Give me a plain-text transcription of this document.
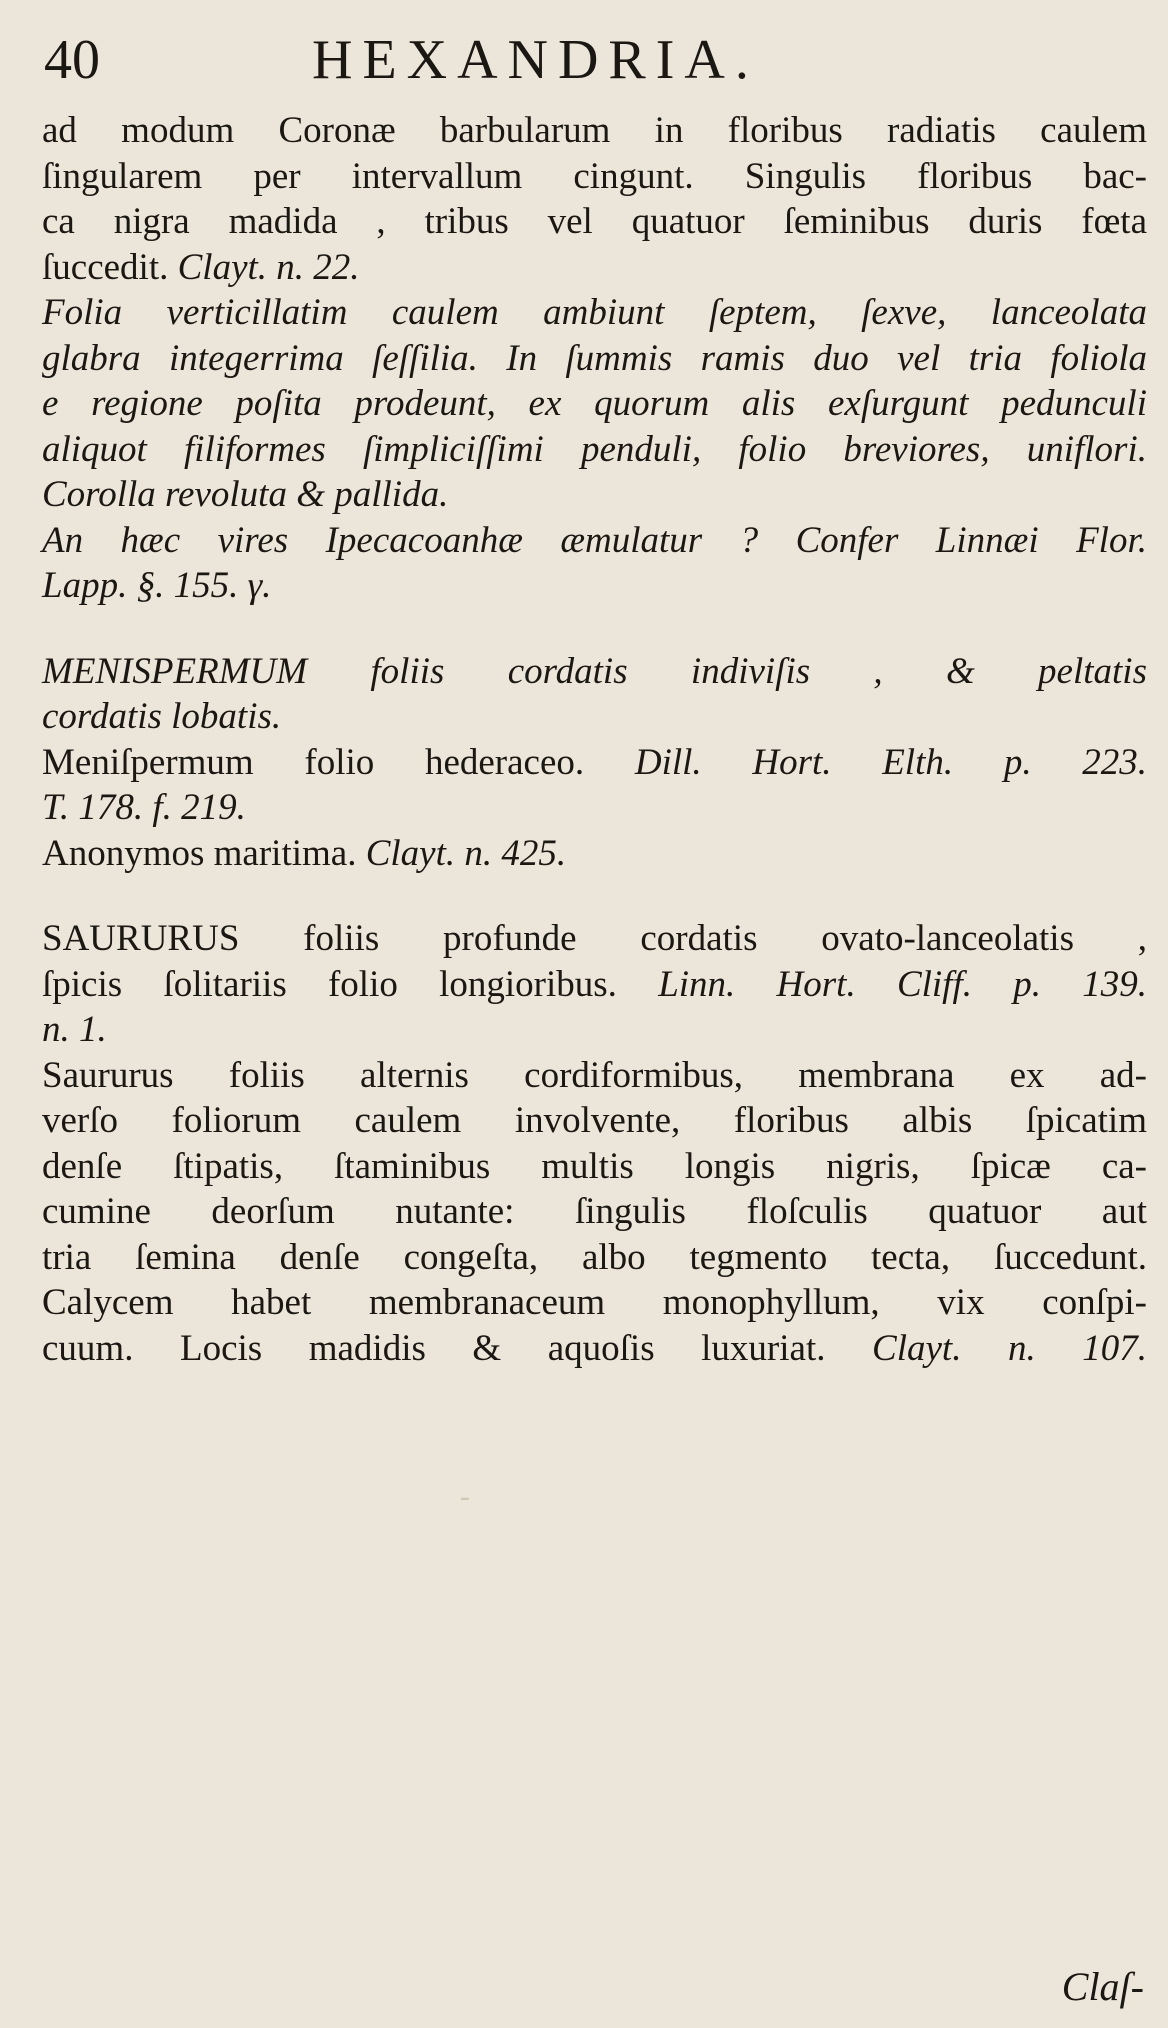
40	HEXANDRIA.
ad modum Coronæ barbularum in floribus radiatis caulem
ſingularem per intervallum cingunt. Singulis floribus bac-
ca nigra madida , tribus vel quatuor ſeminibus duris fœta
ſuccedit. Clayt. n. 22.
Folia verticillatim caulem ambiunt ſeptem, ſexve, lanceolata
glabra integerrima ſeſſilia. In ſummis ramis duo vel tria foliola
e regione poſita prodeunt, ex quorum alis exſurgunt pedunculi
aliquot filiformes ſimpliciſſimi penduli, folio breviores, uniflori.
Corolla revoluta & pallida.
An hæc vires Ipecacoanhæ æmulatur ? Confer Linnæi Flor.
Lapp. §. 155. γ.
MENISPERMUM foliis cordatis indiviſis , & peltatis
cordatis lobatis.
Meniſpermum folio hederaceo. Dill. Hort. Elth. p. 223.
T. 178. f. 219.
Anonymos maritima. Clayt. n. 425.
SAURURUS foliis profunde cordatis ovato-lanceolatis ,
ſpicis ſolitariis folio longioribus. Linn. Hort. Cliff. p. 139.
n. 1.
Saururus foliis alternis cordiformibus, membrana ex ad-
verſo foliorum caulem involvente, floribus albis ſpicatim
denſe ſtipatis, ſtaminibus multis longis nigris, ſpicæ ca-
cumine deorſum nutante: ſingulis floſculis quatuor aut
tria ſemina denſe congeſta, albo tegmento tecta, ſuccedunt.
Calycem habet membranaceum monophyllum, vix conſpi-
cuum. Locis madidis & aquoſis luxuriat. Clayt. n. 107.
-
Claſ-
